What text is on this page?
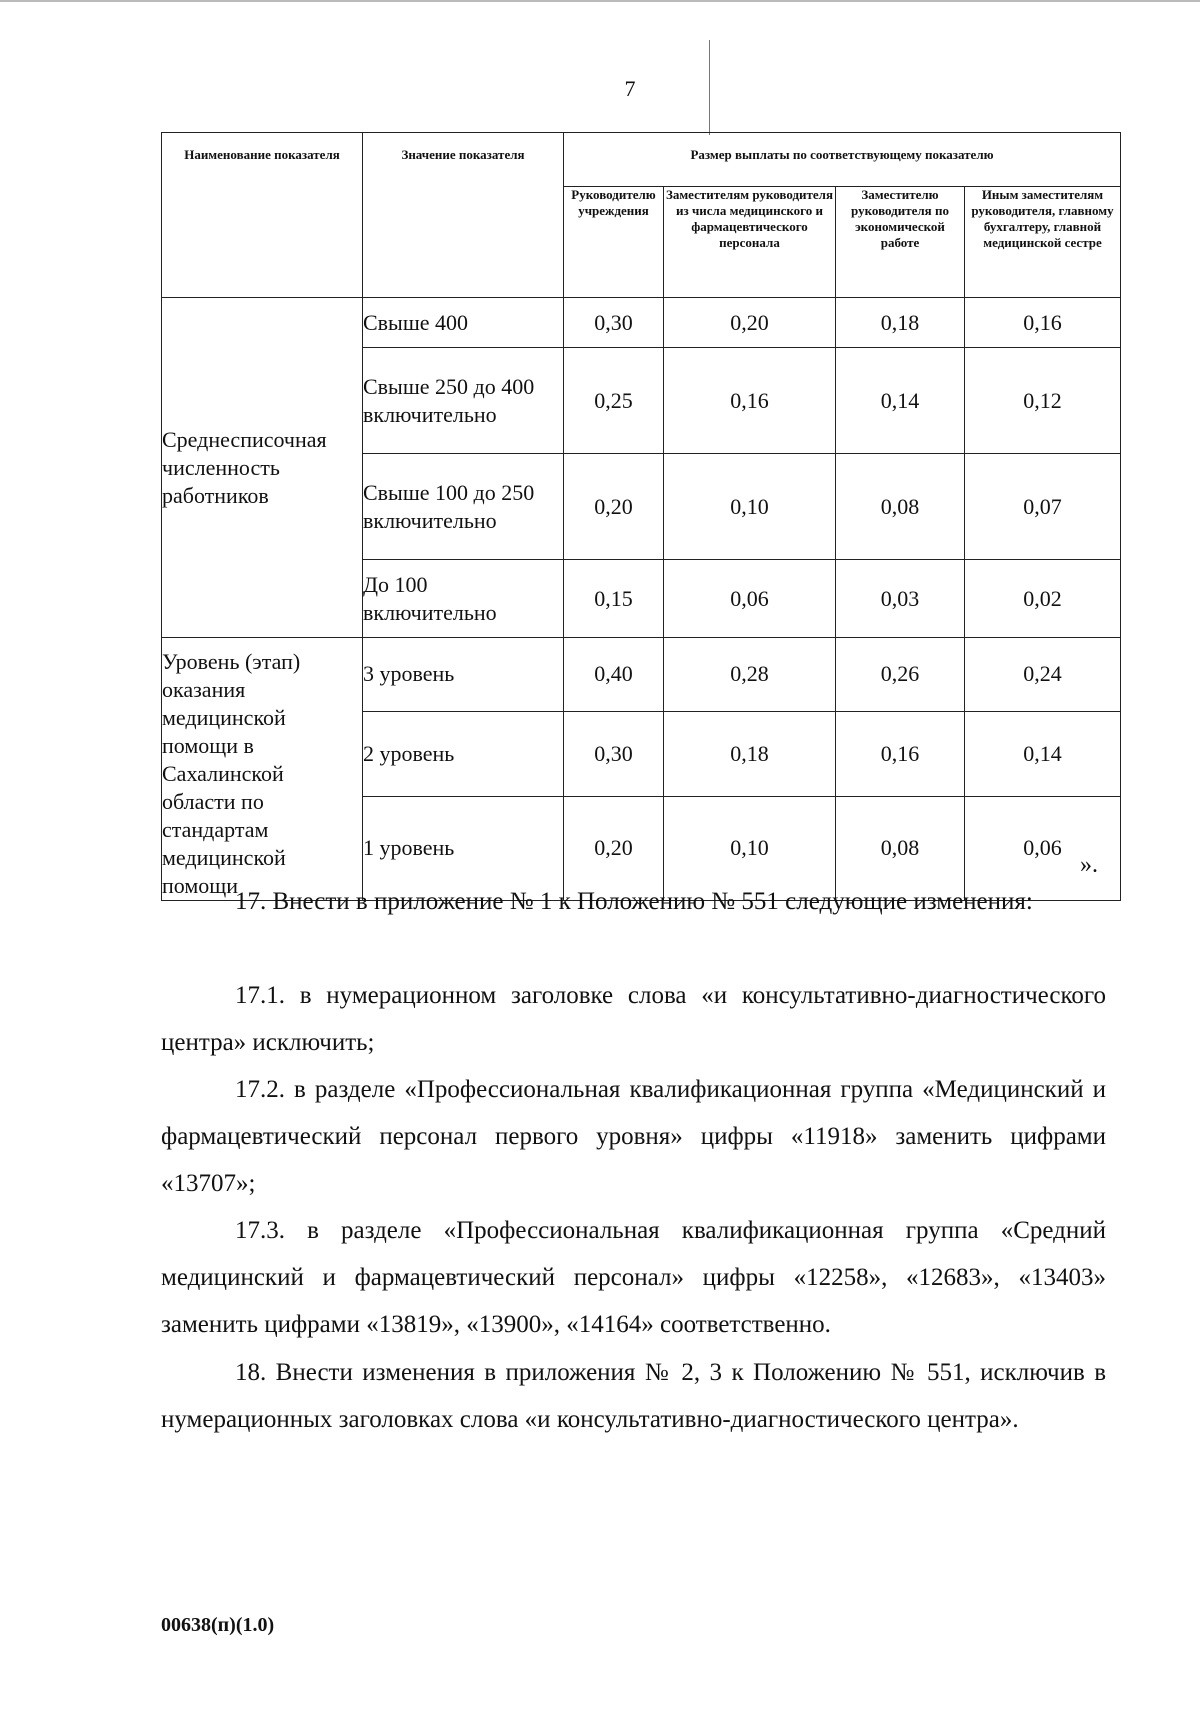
7
Наименование показателя	Значение показателя	Размер выплаты по соответствующему показателю			
		Руководителю учреждения	Заместителям руководителя из числа медицинского и фармацевтического персонала	Заместителю руководителя по экономической работе	Иным заместителям руководителя, главному бухгалтеру, главной медицинской сестре
Среднесписочная численность работников	Свыше 400	0,30	0,20	0,18	0,16
	Свыше 250 до 400 включительно	0,25	0,16	0,14	0,12
	Свыше 100 до 250 включительно	0,20	0,10	0,08	0,07
	До 100 включительно	0,15	0,06	0,03	0,02
Уровень (этап) оказания медицинской помощи в Сахалинской области по стандартам медицинской помощи	3 уровень	0,40	0,28	0,26	0,24
	2 уровень	0,30	0,18	0,16	0,14
	1 уровень	0,20	0,10	0,08	0,06
».
17. Внести в приложение № 1 к Положению № 551 следующие изменения:
17.1. в нумерационном заголовке слова «и консультативно-диагностического центра» исключить;
17.2. в разделе «Профессиональная квалификационная группа «Медицинский и фармацевтический персонал первого уровня» цифры «11918» заменить цифрами «13707»;
17.3. в разделе «Профессиональная квалификационная группа «Средний медицинский и фармацевтический персонал» цифры «12258», «12683», «13403» заменить цифрами «13819», «13900», «14164» соответственно.
18. Внести изменения в приложения № 2, 3 к Положению № 551, исключив в нумерационных заголовках слова «и консультативно-диагностического центра».
00638(п)(1.0)
